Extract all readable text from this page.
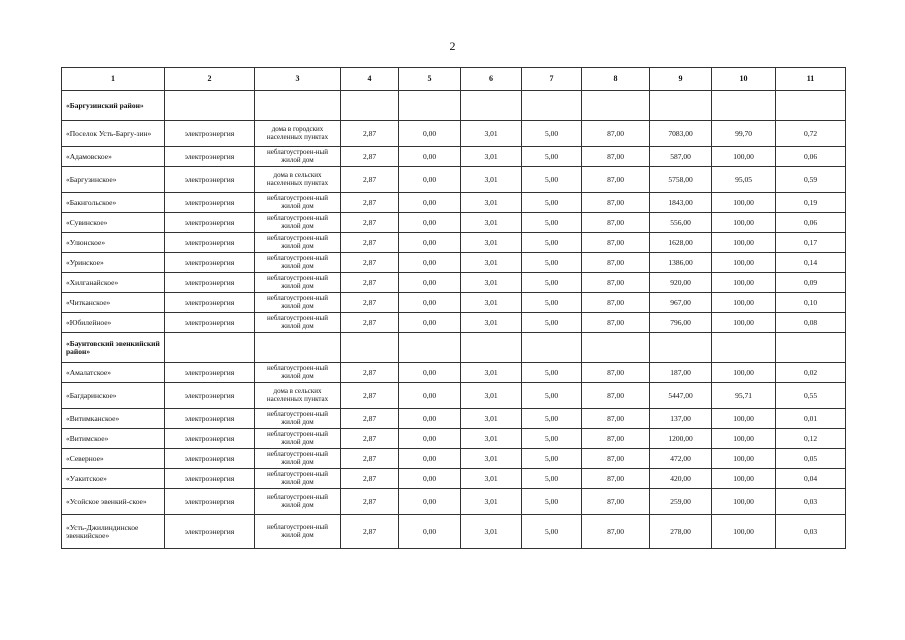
2
1	2	3	4	5	6	7	8	9	10	11
«Баргузинский район»										
«Поселок Усть-Баргу-зин»	электроэнергия	дома в городских населенных пунктах	2,87	0,00	3,01	5,00	87,00	7083,00	99,70	0,72
«Адамовское»	электроэнергия	неблагоустроен-ный жилой дом	2,87	0,00	3,01	5,00	87,00	587,00	100,00	0,06
«Баргузинское»	электроэнергия	дома в сельских населенных пунктах	2,87	0,00	3,01	5,00	87,00	5758,00	95,05	0,59
«Бакнгольское»	электроэнергия	неблагоустроен-ный жилой дом	2,87	0,00	3,01	5,00	87,00	1843,00	100,00	0,19
«Сувинское»	электроэнергия	неблагоустроен-ный жилой дом	2,87	0,00	3,01	5,00	87,00	556,00	100,00	0,06
«Улюнское»	электроэнергия	неблагоустроен-ный жилой дом	2,87	0,00	3,01	5,00	87,00	1628,00	100,00	0,17
«Уринское»	электроэнергия	неблагоустроен-ный жилой дом	2,87	0,00	3,01	5,00	87,00	1386,00	100,00	0,14
«Хилганайское»	электроэнергия	неблагоустроен-ный жилой дом	2,87	0,00	3,01	5,00	87,00	920,00	100,00	0,09
«Читканское»	электроэнергия	неблагоустроен-ный жилой дом	2,87	0,00	3,01	5,00	87,00	967,00	100,00	0,10
«Юбилейное»	электроэнергия	неблагоустроен-ный жилой дом	2,87	0,00	3,01	5,00	87,00	796,00	100,00	0,08
«Баунтовский эвенкийский район»										
«Амалатское»	электроэнергия	неблагоустроен-ный жилой дом	2,87	0,00	3,01	5,00	87,00	187,00	100,00	0,02
«Багдаринское»	электроэнергия	дома в сельских населенных пунктах	2,87	0,00	3,01	5,00	87,00	5447,00	95,71	0,55
«Витимканское»	электроэнергия	неблагоустроен-ный жилой дом	2,87	0,00	3,01	5,00	87,00	137,00	100,00	0,01
«Витимское»	электроэнергия	неблагоустроен-ный жилой дом	2,87	0,00	3,01	5,00	87,00	1200,00	100,00	0,12
«Северное»	электроэнергия	неблагоустроен-ный жилой дом	2,87	0,00	3,01	5,00	87,00	472,00	100,00	0,05
«Уакитское»	электроэнергия	неблагоустроен-ный жилой дом	2,87	0,00	3,01	5,00	87,00	420,00	100,00	0,04
«Усойское эвенкий-ское»	электроэнергия	неблагоустроен-ный жилой дом	2,87	0,00	3,01	5,00	87,00	259,00	100,00	0,03
«Усть-Джилиндинское эвенкийское»	электроэнергия	неблагоустроен-ный жилой дом	2,87	0,00	3,01	5,00	87,00	278,00	100,00	0,03
